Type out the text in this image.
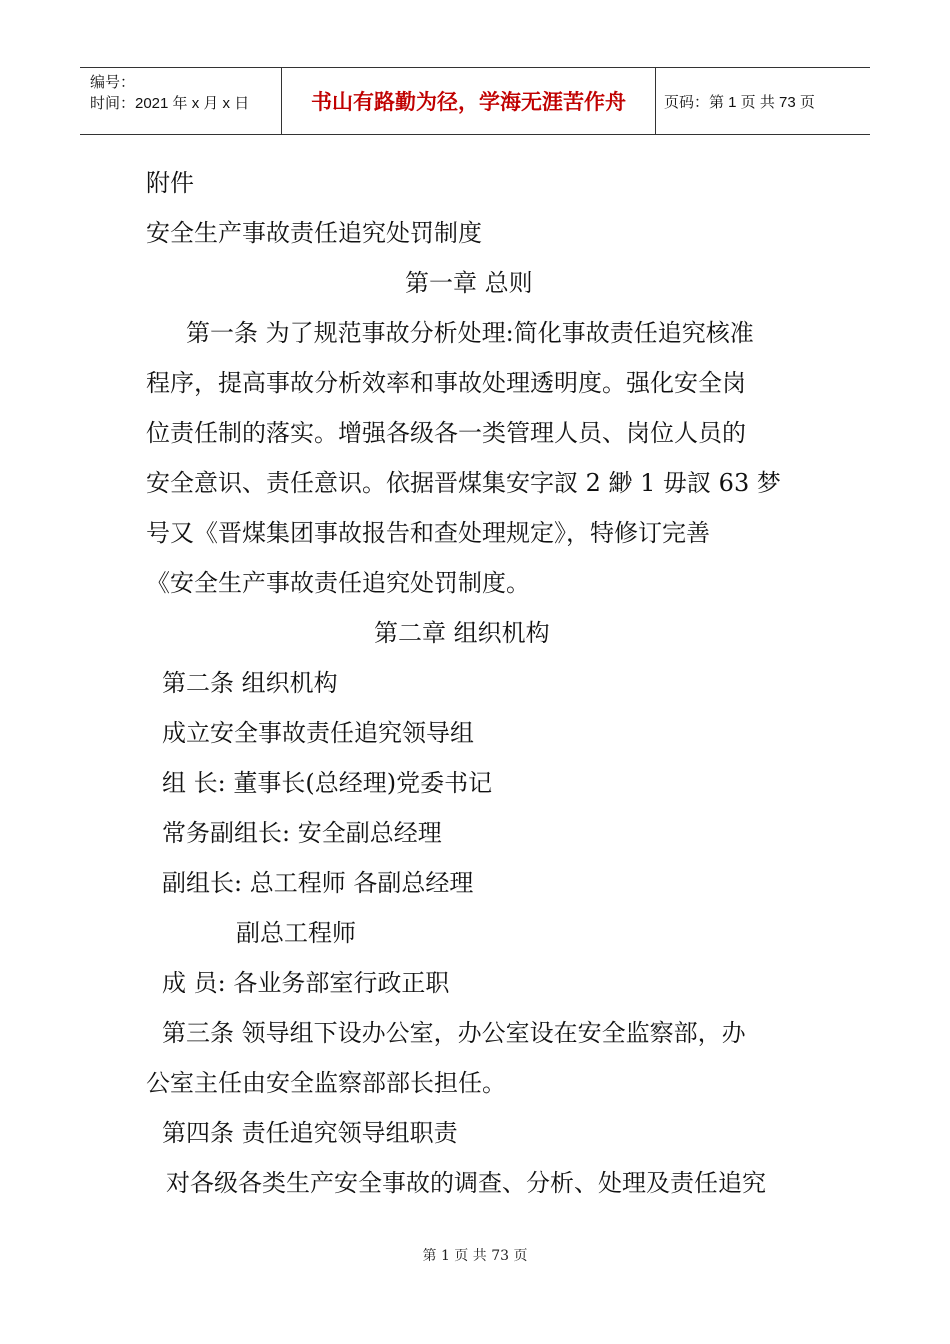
编号：
时间：2021 年 x 月 x 日	书山有路勤为径，学海无涯苦作舟	页码：第 1 页 共 73 页
附件
安全生产事故责任追究处罚制度
第一章 总则
第一条 为了规范事故分析处理:简化事故责任追究核准
程序，提高事故分析效率和事故处理透明度。强化安全岗
位责任制的落实。增强各级各一类管理人员、岗位人员的
安全意识、责任意识。依据晋煤集安字訍 2 緲 1 毋訍 63 梦
号又《晋煤集团事故报告和查处理规定》，特修订完善
《安全生产事故责任追究处罚制度。
第二章 组织机构
第二条 组织机构
成立安全事故责任追究领导组
组 长: 董事长(总经理)党委书记
常务副组长: 安全副总经理
副组长: 总工程师 各副总经理
副总工程师
成 员: 各业务部室行政正职
第三条 领导组下设办公室，办公室设在安全监察部，办
公室主任由安全监察部部长担任。
第四条 责任追究领导组职责
对各级各类生产安全事故的调查、分析、处理及责任追究
第 1 页 共 73 页
